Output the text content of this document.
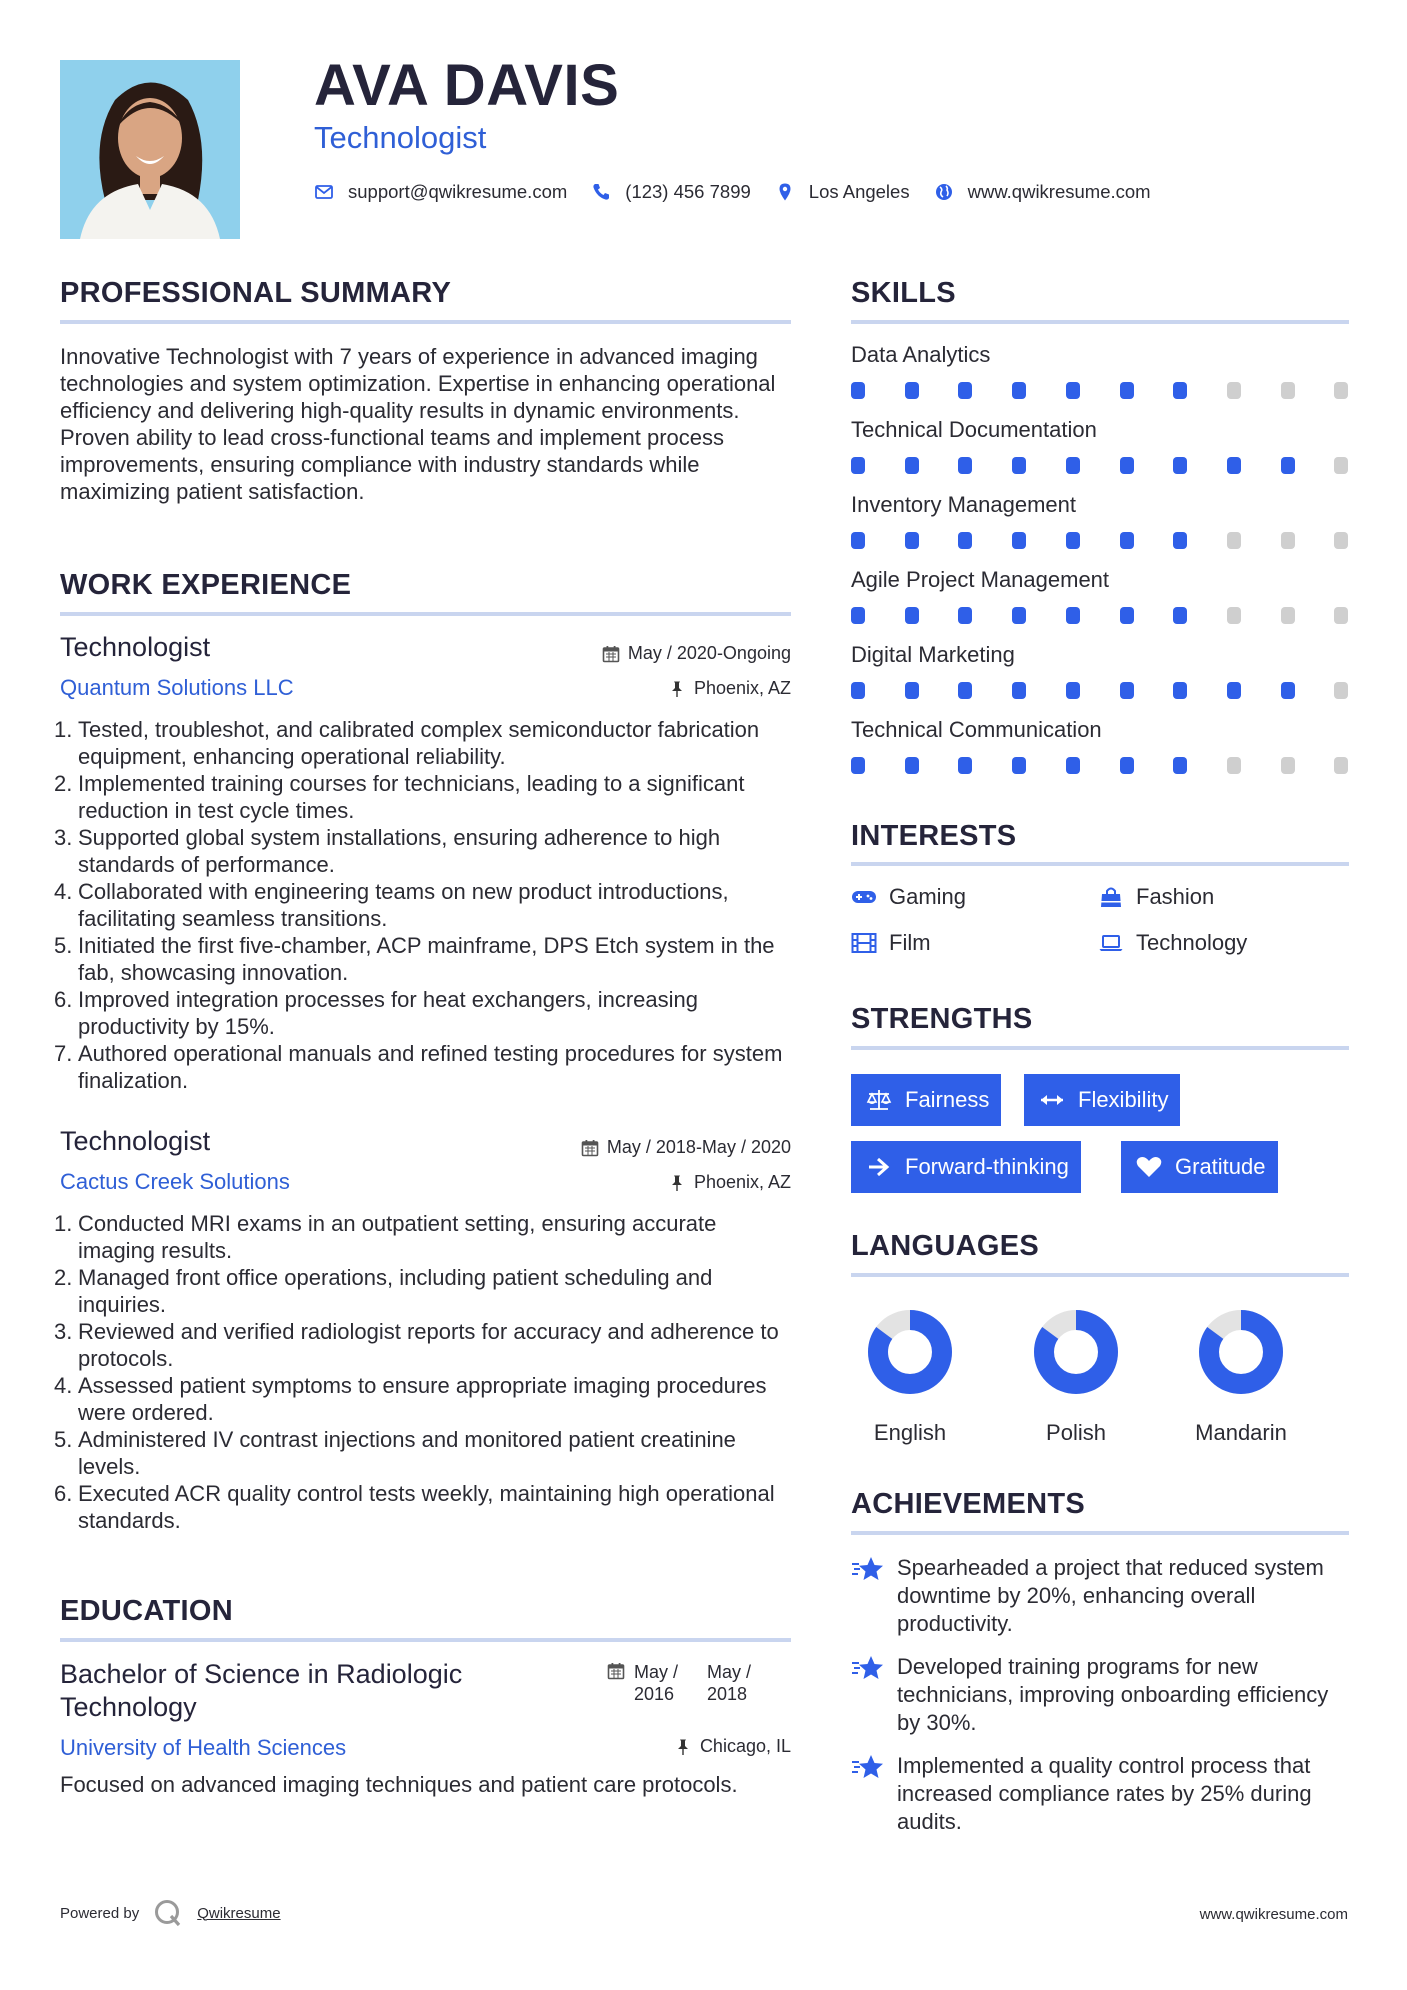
AVA DAVIS
Technologist
support@qwikresume.com	(123) 456 7899	Los Angeles	www.qwikresume.com
PROFESSIONAL SUMMARY
Innovative Technologist with 7 years of experience in advanced imaging technologies and system optimization. Expertise in enhancing operational efficiency and delivering high-quality results in dynamic environments. Proven ability to lead cross-functional teams and implement process improvements, ensuring compliance with industry standards while maximizing patient satisfaction.
WORK EXPERIENCE
Technologist	May / 2020-Ongoing
Quantum Solutions LLC	Phoenix, AZ
1. Tested, troubleshot, and calibrated complex semiconductor fabrication equipment, enhancing operational reliability.
2. Implemented training courses for technicians, leading to a significant reduction in test cycle times.
3. Supported global system installations, ensuring adherence to high standards of performance.
4. Collaborated with engineering teams on new product introductions, facilitating seamless transitions.
5. Initiated the first five-chamber, ACP mainframe, DPS Etch system in the fab, showcasing innovation.
6. Improved integration processes for heat exchangers, increasing productivity by 15%.
7. Authored operational manuals and refined testing procedures for system finalization.
Technologist	May / 2018-May / 2020
Cactus Creek Solutions	Phoenix, AZ
1. Conducted MRI exams in an outpatient setting, ensuring accurate imaging results.
2. Managed front office operations, including patient scheduling and inquiries.
3. Reviewed and verified radiologist reports for accuracy and adherence to protocols.
4. Assessed patient symptoms to ensure appropriate imaging procedures were ordered.
5. Administered IV contrast injections and monitored patient creatinine levels.
6. Executed ACR quality control tests weekly, maintaining high operational standards.
EDUCATION
Bachelor of Science in Radiologic Technology
May / 2016
May / 2018
University of Health Sciences	Chicago, IL
Focused on advanced imaging techniques and patient care protocols.
SKILLS
Data Analytics
Technical Documentation
Inventory Management
Agile Project Management
Digital Marketing
Technical Communication
INTERESTS
Gaming	Fashion
Film	Technology
STRENGTHS
Fairness	Flexibility
Forward-thinking	Gratitude
LANGUAGES
English	Polish	Mandarin
ACHIEVEMENTS
Spearheaded a project that reduced system downtime by 20%, enhancing overall productivity.
Developed training programs for new technicians, improving onboarding efficiency by 30%.
Implemented a quality control process that increased compliance rates by 25% during audits.
Powered by	Qwikresume	www.qwikresume.com
